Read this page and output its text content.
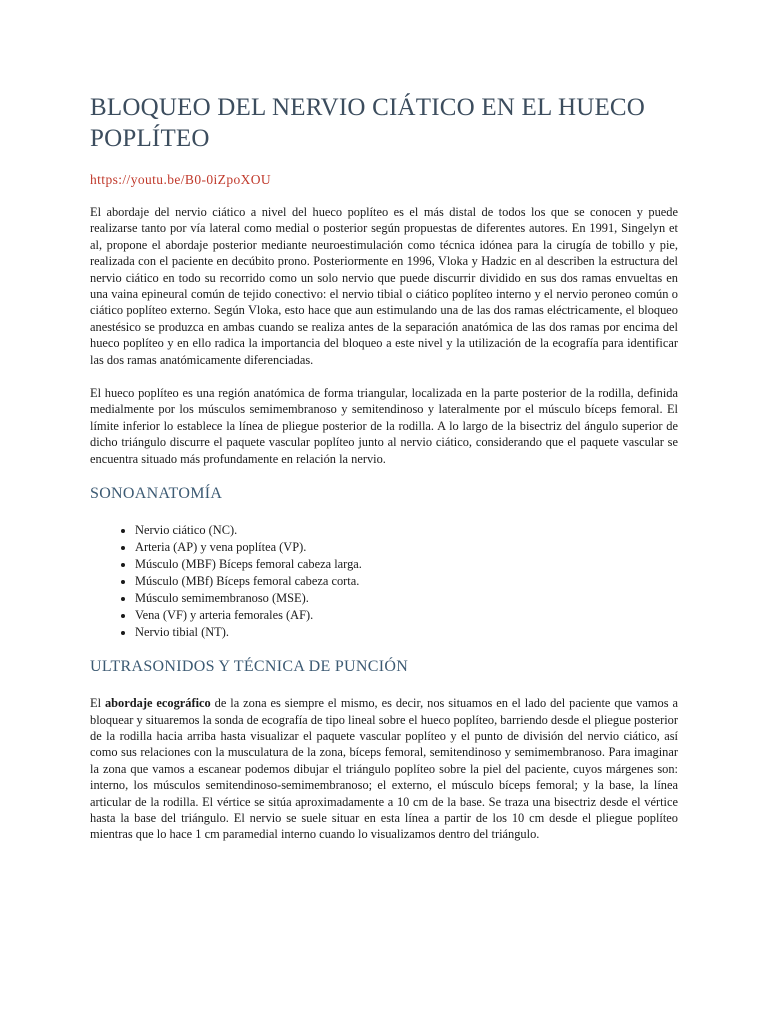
BLOQUEO DEL NERVIO CIÁTICO EN EL HUECO POPLÍTEO
https://youtu.be/B0-0iZpoXOU

El abordaje del nervio ciático a nivel del hueco poplíteo es el más distal de todos los que se conocen y puede realizarse tanto por vía lateral como medial o posterior según propuestas de diferentes autores. En 1991, Singelyn et al, propone el abordaje posterior mediante neuroestimulación como técnica idónea para la cirugía de tobillo y pie, realizada con el paciente en decúbito prono. Posteriormente en 1996, Vloka y Hadzic en al describen la estructura del nervio ciático en todo su recorrido como un solo nervio que puede discurrir dividido en sus dos ramas envueltas en una vaina epineural común de tejido conectivo: el nervio tibial o ciático poplíteo interno y el nervio peroneo común o ciático poplíteo externo. Según Vloka, esto hace que aun estimulando una de las dos ramas eléctricamente, el bloqueo anestésico se produzca en ambas cuando se realiza antes de la separación anatómica de las dos ramas por encima del hueco poplíteo y en ello radica la importancia del bloqueo a este nivel y la utilización de la ecografía para identificar las dos ramas anatómicamente diferenciadas.

El hueco poplíteo es una región anatómica de forma triangular, localizada en la parte posterior de la rodilla, definida medialmente por los músculos semimembranoso y semitendinoso y lateralmente por el músculo bíceps femoral. El límite inferior lo establece la línea de pliegue posterior de la rodilla. A lo largo de la bisectriz del ángulo superior de dicho triángulo discurre el paquete vascular poplíteo junto al nervio ciático, considerando que el paquete vascular se encuentra situado más profundamente en relación la nervio.

SONOANATOMÍA
• Nervio ciático (NC).
• Arteria (AP) y vena poplítea (VP).
• Músculo (MBF) Bíceps femoral cabeza larga.
• Músculo (MBf) Bíceps femoral cabeza corta.
• Músculo semimembranoso (MSE).
• Vena (VF) y arteria femorales (AF).
• Nervio tibial (NT).
ULTRASONIDOS Y TÉCNICA DE PUNCIÓN

El abordaje ecográfico de la zona es siempre el mismo, es decir, nos situamos en el lado del paciente que vamos a bloquear y situaremos la sonda de ecografía de tipo lineal sobre el hueco poplíteo, barriendo desde el pliegue posterior de la rodilla hacia arriba hasta visualizar el paquete vascular poplíteo y el punto de división del nervio ciático, así como sus relaciones con la musculatura de la zona, bíceps femoral, semitendinoso y semimembranoso. Para imaginar la zona que vamos a escanear podemos dibujar el triángulo poplíteo sobre la piel del paciente, cuyos márgenes son: interno, los músculos semitendinoso-semimembranoso; el externo, el músculo bíceps femoral; y la base, la línea articular de la rodilla. El vértice se sitúa aproximadamente a 10 cm de la base. Se traza una bisectriz desde el vértice hasta la base del triángulo. El nervio se suele situar en esta línea a partir de los 10 cm desde el pliegue poplíteo mientras que lo hace 1 cm paramedial interno cuando lo visualizamos dentro del triángulo.
